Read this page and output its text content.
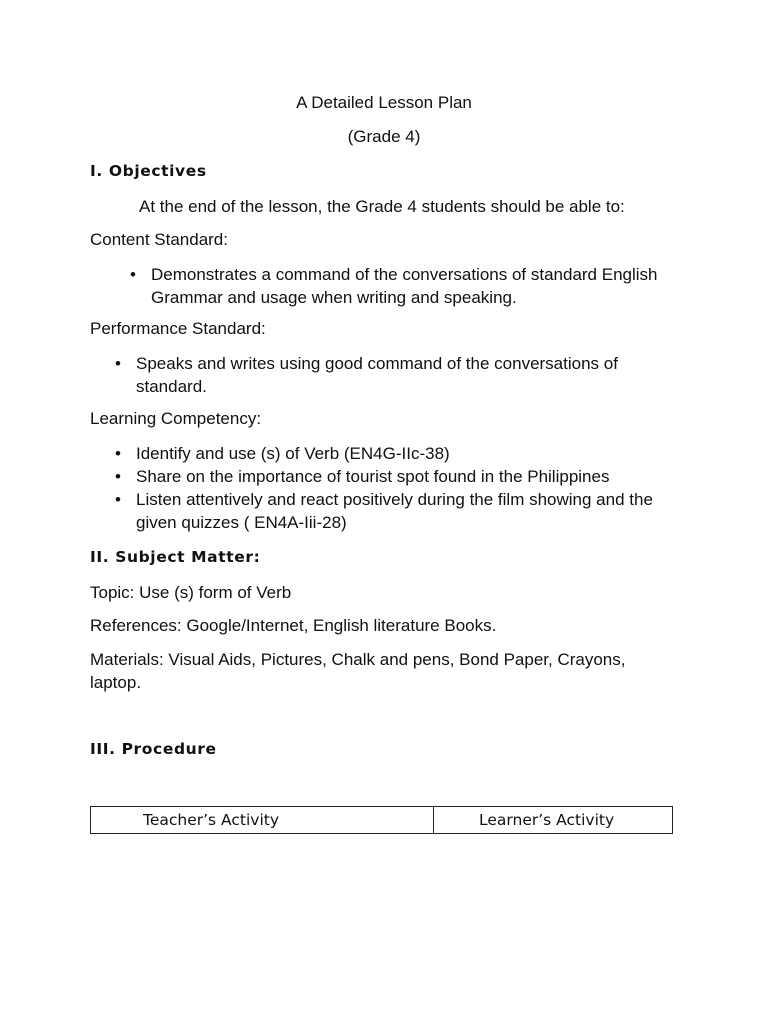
A Detailed Lesson Plan
(Grade 4)
I. Objectives
At the end of the lesson, the Grade 4 students should be able to:
Content Standard:
• Demonstrates a command of the conversations of standard English Grammar and usage when writing and speaking.
Performance Standard:
• Speaks and writes using good command of the conversations of standard.
Learning Competency:
• Identify and use (s) of Verb (EN4G-IIc-38)
• Share on the importance of tourist spot found in the Philippines
• Listen attentively and react positively during the film showing and the given quizzes ( EN4A-Iii-28)
II. Subject Matter:
Topic: Use (s) form of Verb
References: Google/Internet, English literature Books.
Materials: Visual Aids, Pictures, Chalk and pens, Bond Paper, Crayons, laptop.
III. Procedure
Teacher’s Activity	Learner’s Activity
